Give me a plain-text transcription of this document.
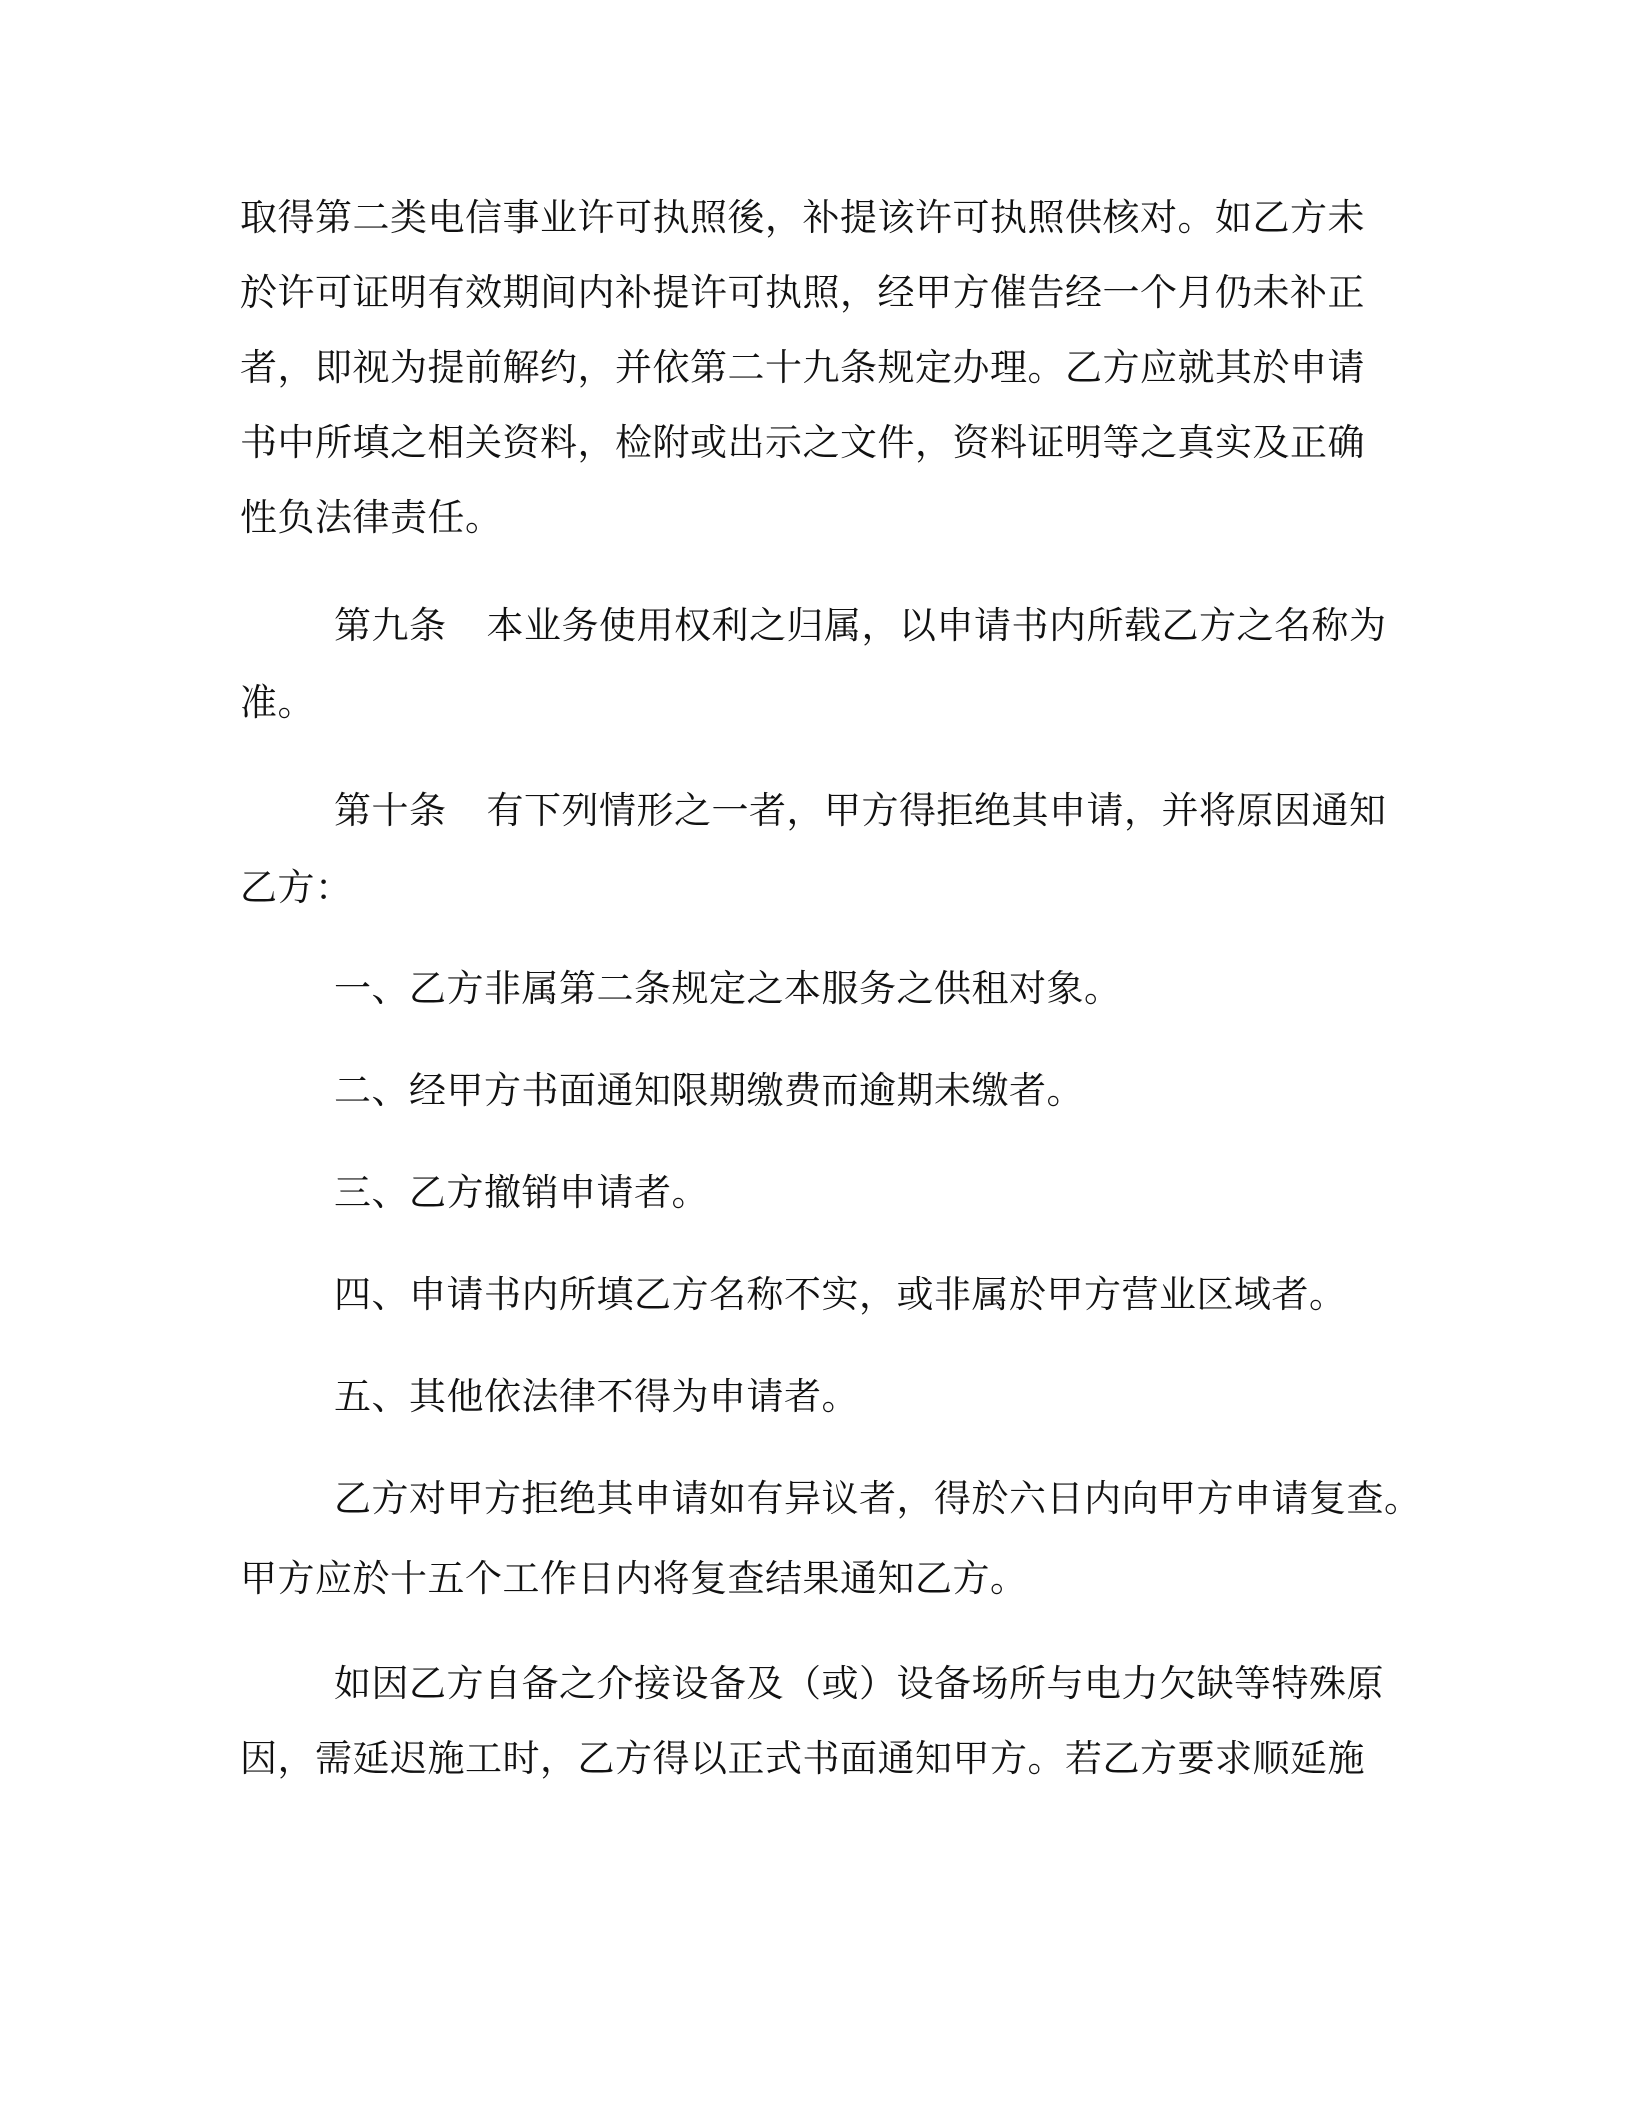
取得第二类电信事业许可执照後，补提该许可执照供核对。如乙方未

於许可证明有效期间内补提许可执照，经甲方催告经一个月仍未补正

者，即视为提前解约，并依第二十九条规定办理。乙方应就其於申请

书中所填之相关资料，检附或出示之文件，资料证明等之真实及正确

性负法律责任。

第九条 本业务使用权利之归属，以申请书内所载乙方之名称为

准。

第十条 有下列情形之一者，甲方得拒绝其申请，并将原因通知

乙方：

一、乙方非属第二条规定之本服务之供租对象。

二、经甲方书面通知限期缴费而逾期未缴者。

三、乙方撤销申请者。

四、申请书内所填乙方名称不实，或非属於甲方营业区域者。

五、其他依法律不得为申请者。

乙方对甲方拒绝其申请如有异议者，得於六日内向甲方申请复查。

甲方应於十五个工作日内将复查结果通知乙方。

如因乙方自备之介接设备及（或）设备场所与电力欠缺等特殊原

因，需延迟施工时，乙方得以正式书面通知甲方。若乙方要求顺延施
